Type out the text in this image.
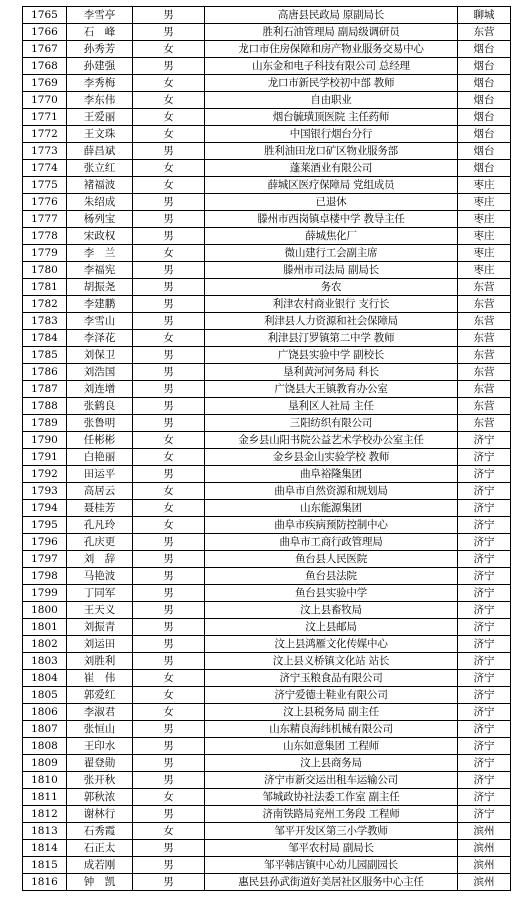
1765	李雪亭	男	高唐县民政局 原副局长	聊城
1766	石　峰	男	胜利石油管理局 副局级调研员	东营
1767	孙秀芳	女	龙口市住房保障和房产物业服务交易中心	烟台
1768	孙建强	男	山东金和电子科技有限公司 总经理	烟台
1769	李秀梅	女	龙口市新民学校初中部 教师	烟台
1770	李东伟	女	自由职业	烟台
1771	王爱丽	女	烟台毓璜顶医院 主任药师	烟台
1772	王文珠	女	中国银行烟台分行	烟台
1773	薛昌斌	男	胜利油田龙口矿区物业服务部	烟台
1774	张立红	女	蓬莱酒业有限公司	烟台
1775	褚福波	女	薛城区医疗保障局 党组成员	枣庄
1776	朱绍成	男	已退休	枣庄
1777	杨列宝	男	滕州市西岗镇卓楼中学 教导主任	枣庄
1778	宋政权	男	薛城焦化厂	枣庄
1779	李　兰	女	微山建行工会副主席	枣庄
1780	李福宪	男	滕州市司法局 副局长	枣庄
1781	胡振尧	男	务农	东营
1782	李建鹏	男	利津农村商业银行 支行长	东营
1783	李雪山	男	利津县人力资源和社会保障局	东营
1784	李泽花	女	利津县汀罗镇第二中学 教师	东营
1785	刘保卫	男	广饶县实验中学 副校长	东营
1786	刘浩国	男	垦利黄河河务局 科长	东营
1787	刘连增	男	广饶县大王镇教育办公室	东营
1788	张鹤良	男	垦利区人社局 主任	东营
1789	张鲁明	男	三阳纺织有限公司	东营
1790	任彬彬	女	金乡县山阳书院公益艺术学校办公室主任	济宁
1791	白艳丽	女	金乡县金山实验学校 教师	济宁
1792	田运平	男	曲阜裕隆集团	济宁
1793	高居云	女	曲阜市自然资源和规划局	济宁
1794	聂桂芳	女	山东能源集团	济宁
1795	孔凡玲	女	曲阜市疾病预防控制中心	济宁
1796	孔庆更	男	曲阜市工商行政管理局	济宁
1797	刘　辞	男	鱼台县人民医院	济宁
1798	马艳波	男	鱼台县法院	济宁
1799	丁同军	男	鱼台县实验中学	济宁
1800	王天义	男	汶上县畜牧局	济宁
1801	刘振青	男	汶上县邮局	济宁
1802	刘运田	男	汶上县鸿雁文化传媒中心	济宁
1803	刘胜利	男	汶上县义桥镇文化站 站长	济宁
1804	崔　伟	女	济宁玉粮食品有限公司	济宁
1805	郭爱红	女	济宁爱德士鞋业有限公司	济宁
1806	李淑君	女	汶上县税务局 副主任	济宁
1807	张恒山	男	山东精良海纬机械有限公司	济宁
1808	王印水	男	山东如意集团 工程师	济宁
1809	翟登勋	男	汶上县商务局	济宁
1810	张开秋	男	济宁市新交运出租车运输公司	济宁
1811	郭秋浓	女	邹城政协社法委工作室 副主任	济宁
1812	谢林行	男	济南铁路局兖州工务段 工程师	济宁
1813	石秀霞	女	邹平开发区第三小学教师	滨州
1814	石正太	男	邹平农村局 副局长	滨州
1815	成若刚	男	邹平韩店镇中心幼儿园副园长	滨州
1816	钟　凯	男	惠民县孙武街道好美居社区服务中心主任	滨州
